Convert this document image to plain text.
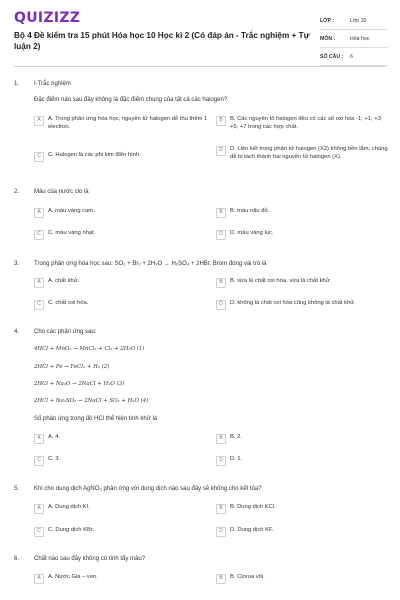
QUIZIZZ
Bộ 4 Đề kiểm tra 15 phút Hóa học 10 Học kì 2 (Có đáp án - Trắc nghiệm + Tự luận 2)
LỚP :	Lớp 10
MÔN :	Hóa học
SỐ CÂU :	6
1. I-Trắc nghiệm
Đặc điểm nào sau đây không là đặc điểm chung của tất cả các halogen?
A	A. Trong phân ứng hóa học, nguyên tử halogen dễ thu thêm 1 electron.
B	B. Các nguyên tố halogen đều có các số oxi hóa -1; +1; +3; +5; +7 trong các hợp chất.
C	C. Halogen là các phi kim điển hình.
D	D. Liên kết trong phân tử halogen (X2) không bền lắm, chúng dễ bị tách thành hai nguyên tử halogen (X).
2. Màu của nước clo là
A	A. màu vàng cam.	B	B. màu nâu đỏ.
C	C. màu vàng nhạt.	D	D. màu vàng lục.
3. Trong phản ứng hóa học sau: SO₂ + Br₂ + 2H₂O → H₂SO₄ + 2HBr. Brom đóng vai trò là
A	A. chất khử.	B	B. vừa là chất oxi hóa, vừa là chất khử.
C	C. chất oxi hóa.	D	D. không là chất oxi hóa cũng không là chất khử.
4. Cho các phản ứng sau:
4HCl + MnO₂ → MnCl₂ + Cl₂ + 2H₂O (1)
2HCl + Fe → FeCl₂ + H₂ (2)
2HCl + Na₂O → 2NaCl + H₂O (3)
2HCl + Na₂SO₃ → 2NaCl + SO₂ + H₂O (4)
Số phản ứng trong đó HCl thể hiện tính khử là
A	A. 4.	B	B. 2.
C	C. 3.	D	D. 1.
5. Khi cho dung dịch AgNO₃ phản ứng với dung dịch nào sau đây sẽ không cho kết tủa?
A	A. Dung dịch KI.	B	B. Dung dịch KCl.
C	C. Dung dịch KBr.	D	D. Dung dịch KF.
6. Chất nào sau đây không có tính tẩy màu?
A	A. Nước Gia – ven.	B	B. Clorua vôi.
